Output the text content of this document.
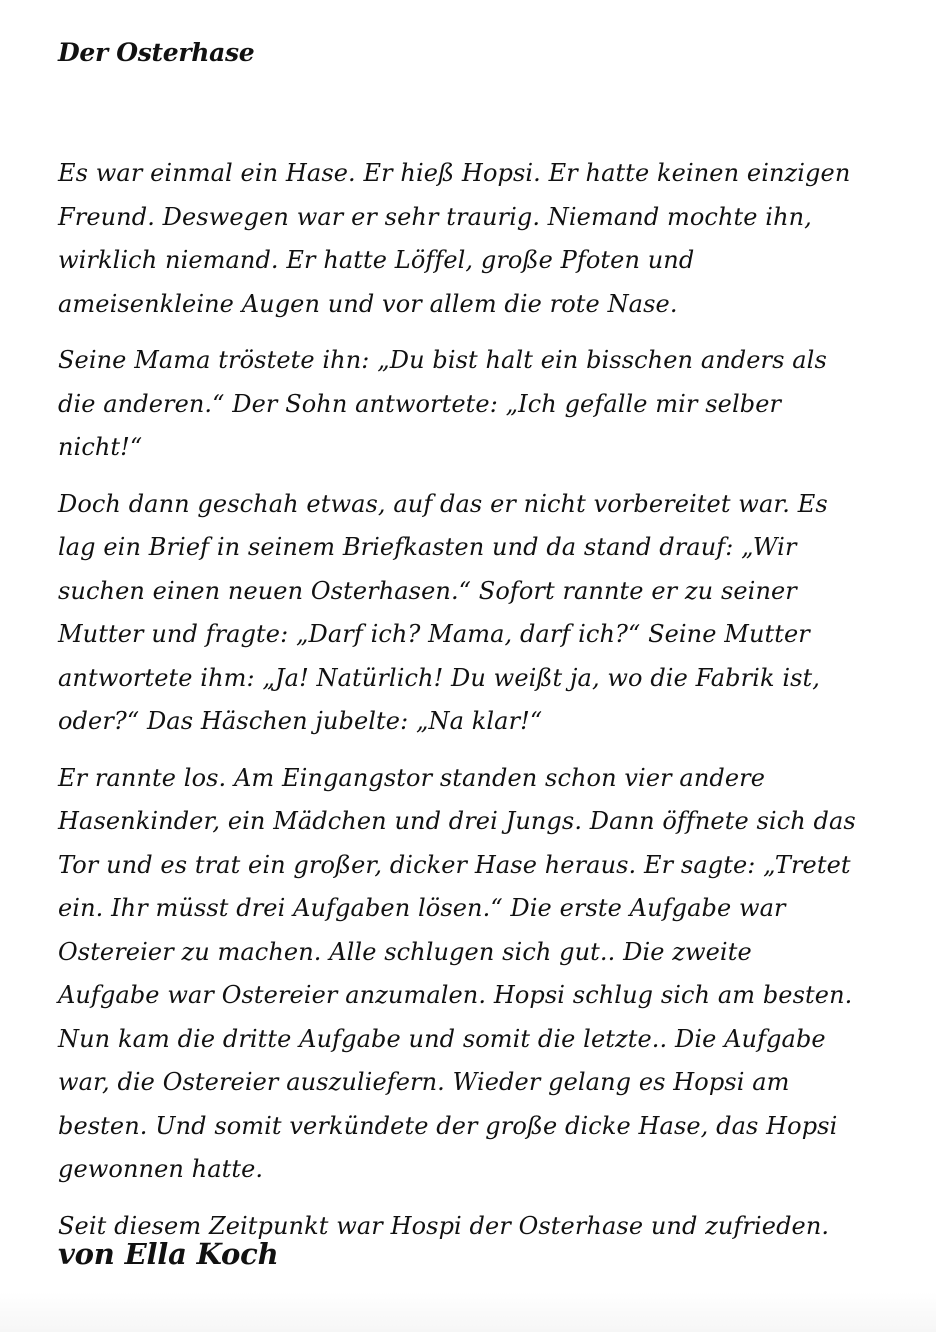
Der Osterhase

Es war einmal ein Hase. Er hieß Hopsi. Er hatte keinen einzigen Freund. Deswegen war er sehr traurig. Niemand mochte ihn, wirklich niemand. Er hatte Löffel, große Pfoten und ameisenkleine Augen und vor allem die rote Nase.

Seine Mama tröstete ihn: „Du bist halt ein bisschen anders als die anderen.“ Der Sohn antwortete: „Ich gefalle mir selber nicht!“

Doch dann geschah etwas, auf das er nicht vorbereitet war. Es lag ein Brief in seinem Briefkasten und da stand drauf: „Wir suchen einen neuen Osterhasen.“ Sofort rannte er zu seiner Mutter und fragte: „Darf ich? Mama, darf ich?“ Seine Mutter antwortete ihm: „Ja! Natürlich! Du weißt ja, wo die Fabrik ist, oder?“ Das Häschen jubelte: „Na klar!“

Er rannte los. Am Eingangstor standen schon vier andere Hasenkinder, ein Mädchen und drei Jungs. Dann öffnete sich das Tor und es trat ein großer, dicker Hase heraus. Er sagte: „Tretet ein. Ihr müsst drei Aufgaben lösen.“ Die erste Aufgabe war Ostereier zu machen. Alle schlugen sich gut.. Die zweite Aufgabe war Ostereier anzumalen. Hopsi schlug sich am besten. Nun kam die dritte Aufgabe und somit die letzte.. Die Aufgabe war, die Ostereier auszuliefern. Wieder gelang es Hopsi am besten. Und somit verkündete der große dicke Hase, das Hopsi gewonnen hatte.

Seit diesem Zeitpunkt war Hospi der Osterhase und zufrieden.

von Ella Koch
